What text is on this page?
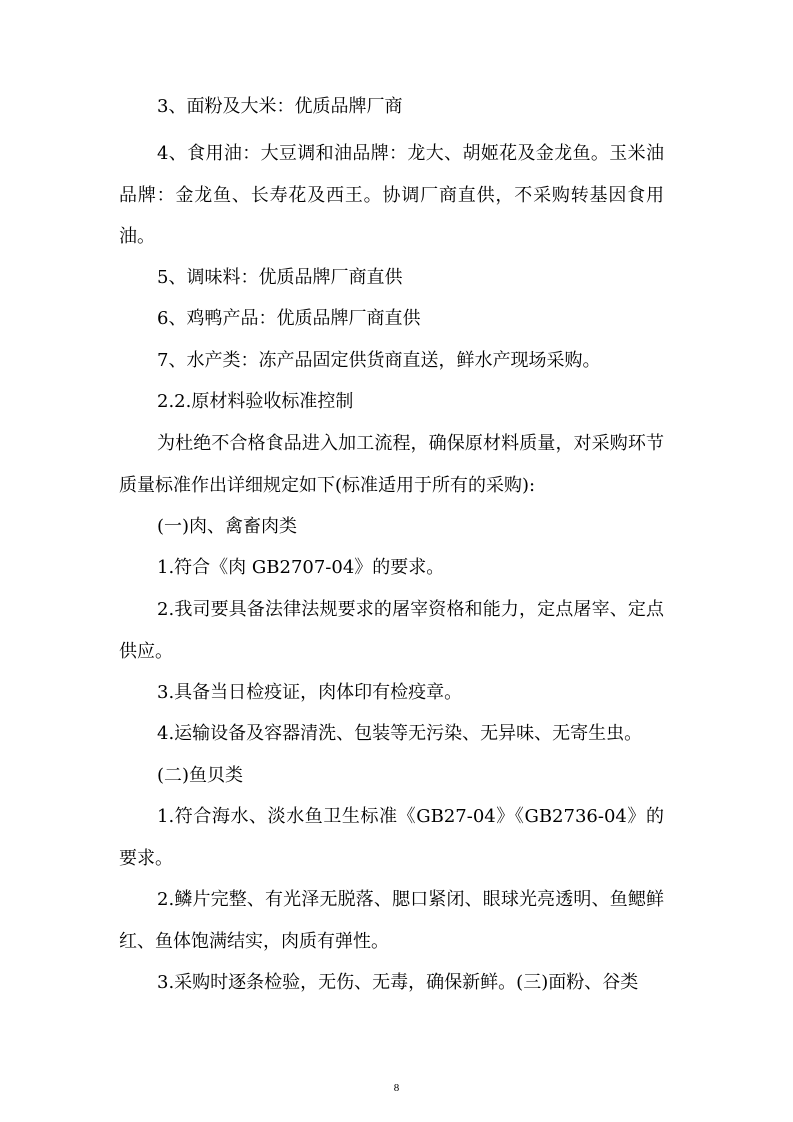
3、面粉及大米：优质品牌厂商

4、食用油：大豆调和油品牌：龙大、胡姬花及金龙鱼。玉米油品牌：金龙鱼、长寿花及西王。协调厂商直供，不采购转基因食用油。

5、调味料：优质品牌厂商直供

6、鸡鸭产品：优质品牌厂商直供

7、水产类：冻产品固定供货商直送，鲜水产现场采购。

2.2.原材料验收标准控制

为杜绝不合格食品进入加工流程，确保原材料质量，对采购环节质量标准作出详细规定如下(标准适用于所有的采购):

(一)肉、禽畜肉类

1.符合《肉 GB2707-04》的要求。

2.我司要具备法律法规要求的屠宰资格和能力，定点屠宰、定点供应。

3.具备当日检疫证，肉体印有检疫章。

4.运输设备及容器清洗、包装等无污染、无异味、无寄生虫。

(二)鱼贝类

1.符合海水、淡水鱼卫生标准《GB27-04》《GB2736-04》的要求。

2.鳞片完整、有光泽无脱落、腮口紧闭、眼球光亮透明、鱼鳃鲜红、鱼体饱满结实，肉质有弹性。

3.采购时逐条检验，无伤、无毒，确保新鲜。(三)面粉、谷类

8
